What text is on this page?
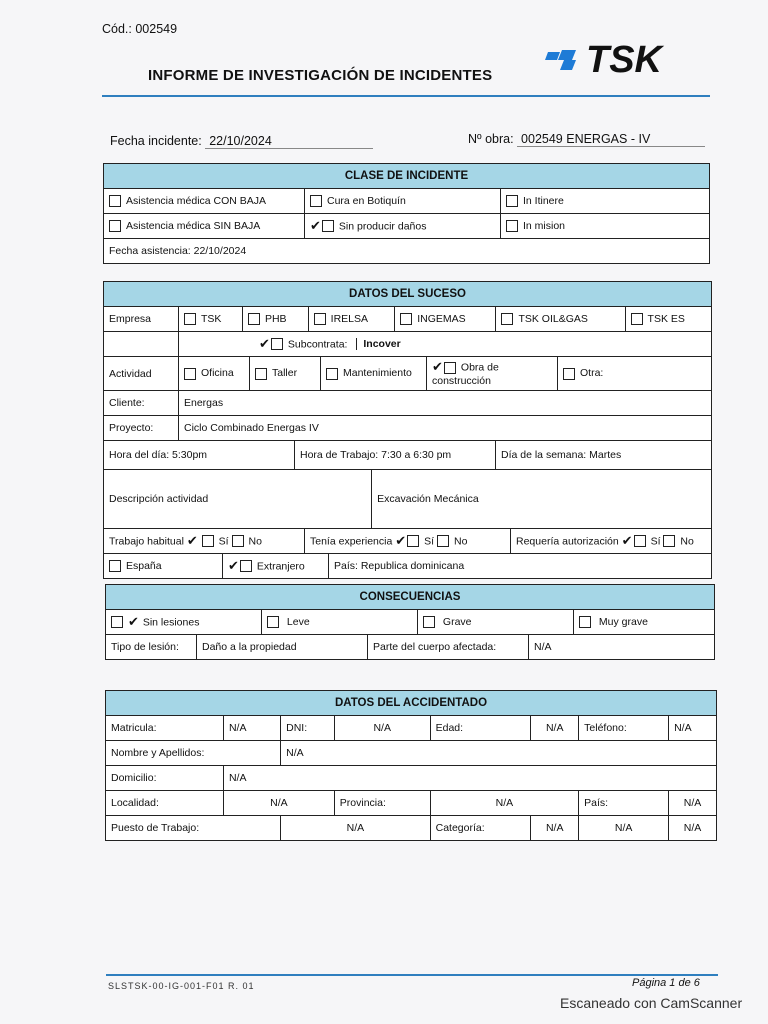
Cód.: 002549
INFORME DE INVESTIGACIÓN DE INCIDENTES TSK
Fecha incidente: 22/10/2024	Nº obra: 002549 ENERGAS - IV
CLASE DE INCIDENTE		
Asistencia médica CON BAJA	Cura en Botiquín	In Itinere
Asistencia médica SIN BAJA	✔ Sin producir daños	In mision
Fecha asistencia: 22/10/2024		
DATOS DEL SUCESO
Empresa		TSK	PHB	IRELSA	INGEMAS	TSK OIL&GAS	TSK ES

	✔ Subcontrata: Incover
Actividad		Oficina	Taller	Mantenimiento	✔ Obra de construcción	Otra:

Cliente:	Energas
Proyecto:	Ciclo Combinado Energas IV

Hora del día: 5:30pm	Hora de Trabajo: 7:30 a 6:30 pm	Día de la semana: Martes

Descripción actividad	Excavación Mecánica

Trabajo habitual ✔ Sí No	Tenía experiencia ✔ Sí No	Requería autorización ✔ Sí No

España	✔ Extranjero	País: Republica dominicana
CONSECUENCIAS
✔ Sin lesiones	Leve	Grave	Muy grave

Tipo de lesión:	Daño a la propiedad	Parte del cuerpo afectada:	N/A
DATOS DEL ACCIDENTADO							
Matricula:	N/A	DNI:	N/A	Edad:	N/A	Teléfono:	N/A
Nombre y Apellidos:		N/A					
Domicilio:	N/A						
Localidad:	N/A		Provincia:	N/A		País:	N/A
Puesto de Trabajo:		N/A		Categoría:	N/A	N/A	N/A
SLSTSK-00-IG-001-F01 R. 01	Página 1 de 6
Escaneado con CamScanner
